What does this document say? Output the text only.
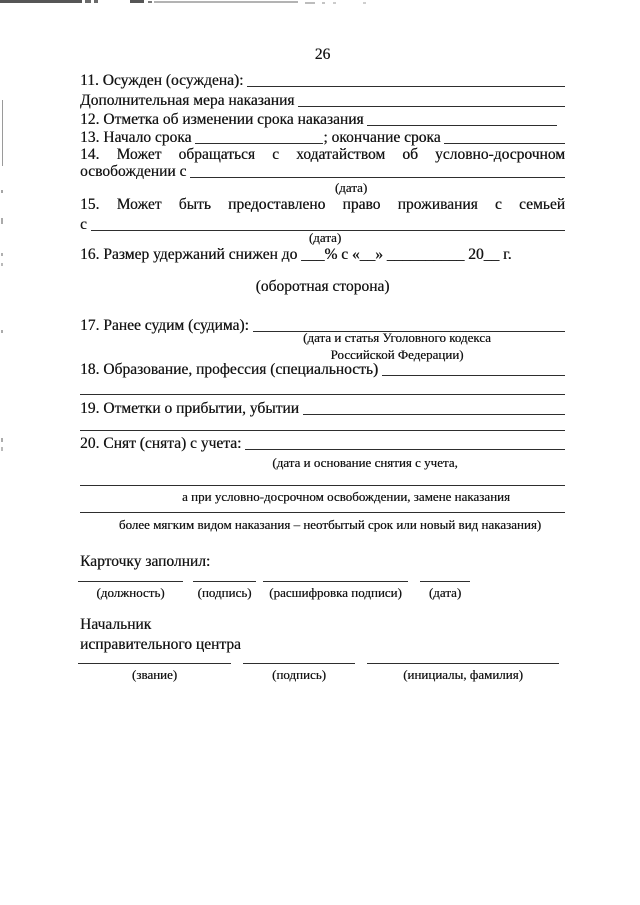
26
11. Осужден (осуждена):
Дополнительная мера наказания
12. Отметка об изменении срока наказания
13. Начало срока	; окончание срока
14. Может обращаться с ходатайством об условно-досрочном
освобождении с
(дата)
15. Может быть предоставлено право проживания с семьей
с
(дата)
16. Размер удержаний снижен до ___% с «__» __________ 20__ г.
(оборотная сторона)
17. Ранее судим (судима):
(дата и статья Уголовного кодекса
Российской Федерации)
18. Образование, профессия (специальность)
19. Отметки о прибытии, убытии
20. Снят (снята) с учета:
(дата и основание снятия с учета,
а при условно-досрочном освобождении, замене наказания
более мягким видом наказания – неотбытый срок или новый вид наказания)
Карточку заполнил:
(должность)	(подпись)	(расшифровка подписи)	(дата)
Начальник
исправительного центра
(звание)	(подпись)	(инициалы, фамилия)
